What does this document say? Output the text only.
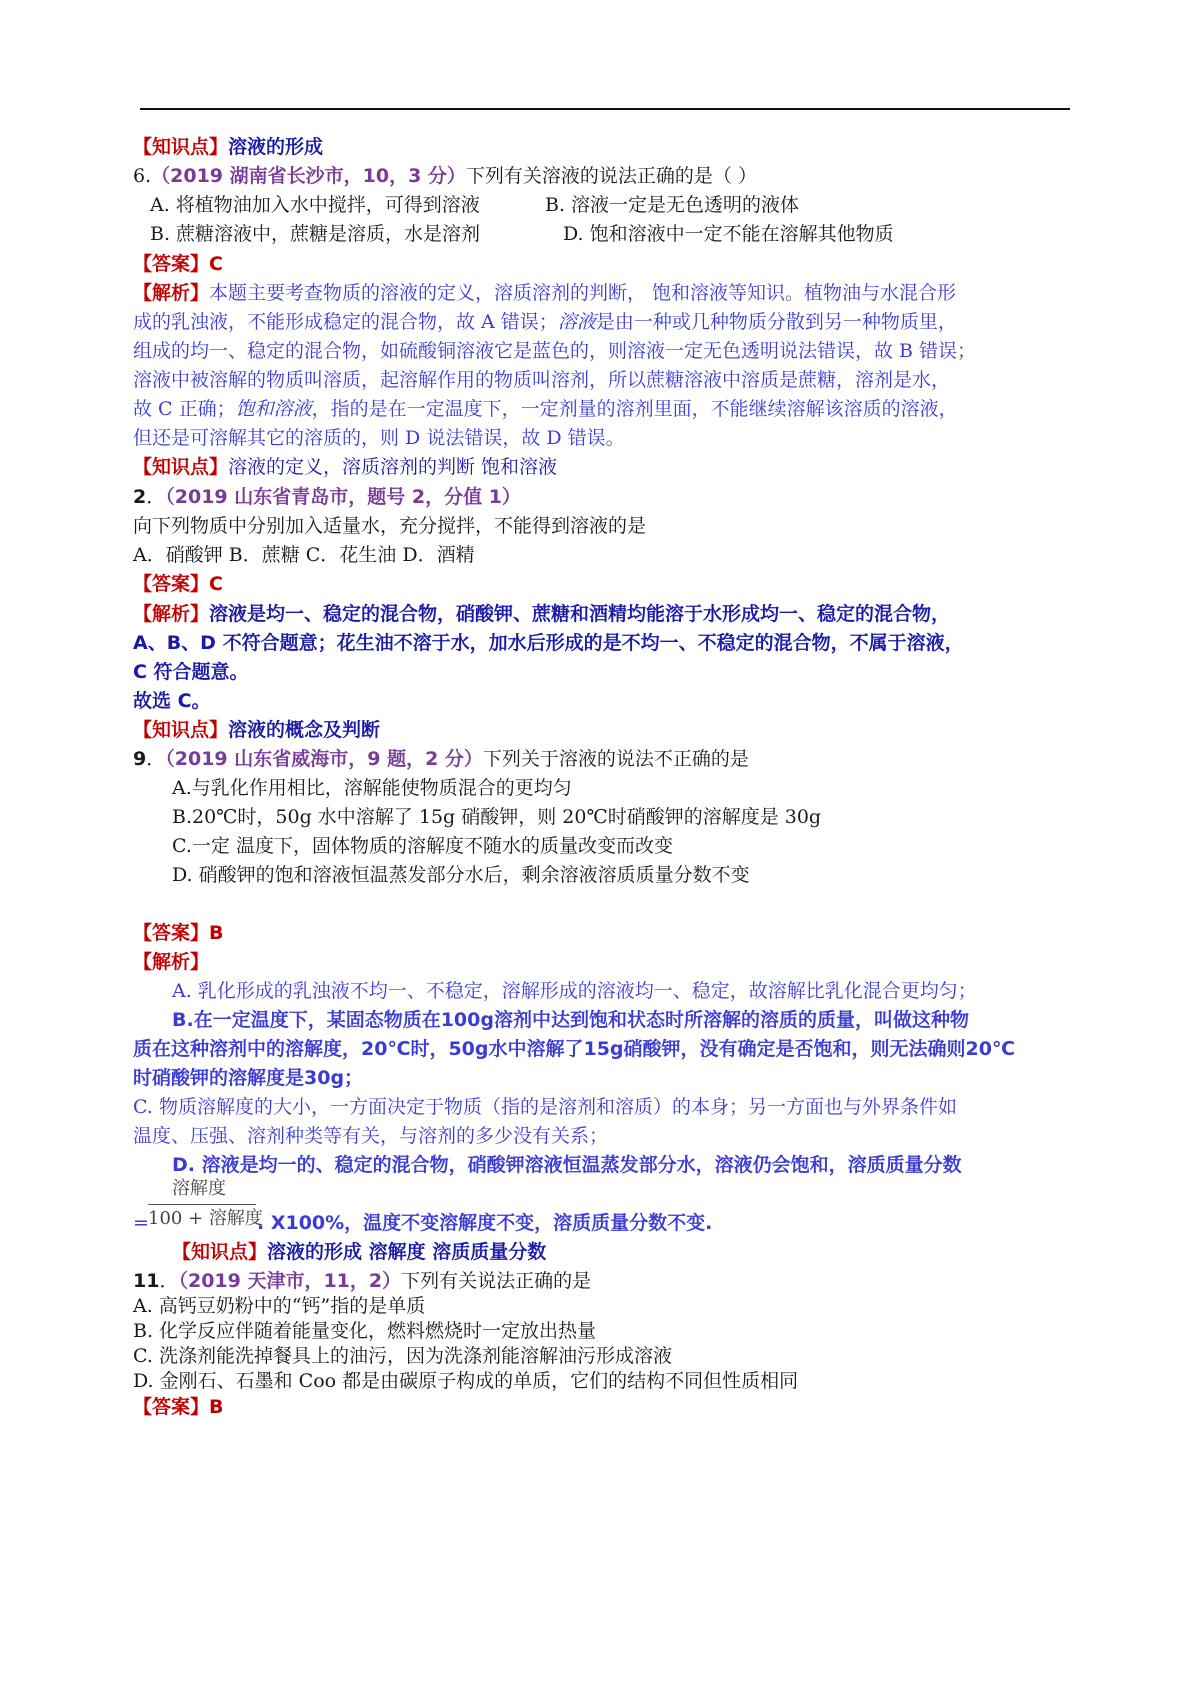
【知识点】溶液的形成
6.（2019 湖南省长沙市，10，3 分）下列有关溶液的说法正确的是（ ）
A. 将植物油加入水中搅拌，可得到溶液	B. 溶液一定是无色透明的液体
B. 蔗糖溶液中，蔗糖是溶质，水是溶剂	D. 饱和溶液中一定不能在溶解其他物质
【答案】C
【解析】本题主要考查物质的溶液的定义，溶质溶剂的判断， 饱和溶液等知识。植物油与水混合形
成的乳浊液，不能形成稳定的混合物，故 A 错误；溶液是由一种或几种物质分散到另一种物质里，
组成的均一、稳定的混合物，如硫酸铜溶液它是蓝色的，则溶液一定无色透明说法错误，故 B 错误；
溶液中被溶解的物质叫溶质，起溶解作用的物质叫溶剂，所以蔗糖溶液中溶质是蔗糖，溶剂是水，
故 C 正确；饱和溶液，指的是在一定温度下，一定剂量的溶剂里面，不能继续溶解该溶质的溶液，
但还是可溶解其它的溶质的，则 D 说法错误，故 D 错误。
【知识点】溶液的定义，溶质溶剂的判断 饱和溶液
2．（2019 山东省青岛市，题号 2，分值 1）
向下列物质中分别加入适量水，充分搅拌，不能得到溶液的是
A．硝酸钾 B．蔗糖 C．花生油 D．酒精
【答案】C
【解析】溶液是均一、稳定的混合物，硝酸钾、蔗糖和酒精均能溶于水形成均一、稳定的混合物，
A、B、D 不符合题意；花生油不溶于水，加水后形成的是不均一、不稳定的混合物，不属于溶液，
C 符合题意。
故选 C。
【知识点】溶液的概念及判断
9．（2019 山东省威海市，9 题，2 分）下列关于溶液的说法不正确的是
A.与乳化作用相比，溶解能使物质混合的更均匀
B.20℃时，50g 水中溶解了 15g 硝酸钾，则 20℃时硝酸钾的溶解度是 30g
C.一定 温度下，固体物质的溶解度不随水的质量改变而改变
D. 硝酸钾的饱和溶液恒温蒸发部分水后，剩余溶液溶质质量分数不变
【答案】B
【解析】
A. 乳化形成的乳浊液不均一、不稳定，溶解形成的溶液均一、稳定，故溶解比乳化混合更均匀；
B.在一定温度下，某固态物质在100g溶剂中达到饱和状态时所溶解的溶质的质量，叫做这种物
质在这种溶剂中的溶解度，20℃时，50g水中溶解了15g硝酸钾，没有确定是否饱和，则无法确则20℃
时硝酸钾的溶解度是30g；
C. 物质溶解度的大小，一方面决定于物质（指的是溶剂和溶质）的本身；另一方面也与外界条件如
温度、压强、溶剂种类等有关，与溶剂的多少没有关系；
D. 溶液是均一的、稳定的混合物，硝酸钾溶液恒温蒸发部分水，溶液仍会饱和，溶质质量分数
溶解度
= 100 + 溶解度
. X100%，温度不变溶解度不变，溶质质量分数不变.
【知识点】溶液的形成 溶解度 溶质质量分数
11．（2019 天津市，11，2）下列有关说法正确的是
A. 高钙豆奶粉中的“钙”指的是单质
B. 化学反应伴随着能量变化，燃料燃烧时一定放出热量
C. 洗涤剂能洗掉餐具上的油污，因为洗涤剂能溶解油污形成溶液
D. 金刚石、石墨和 Coo 都是由碳原子构成的单质，它们的结构不同但性质相同
【答案】B
